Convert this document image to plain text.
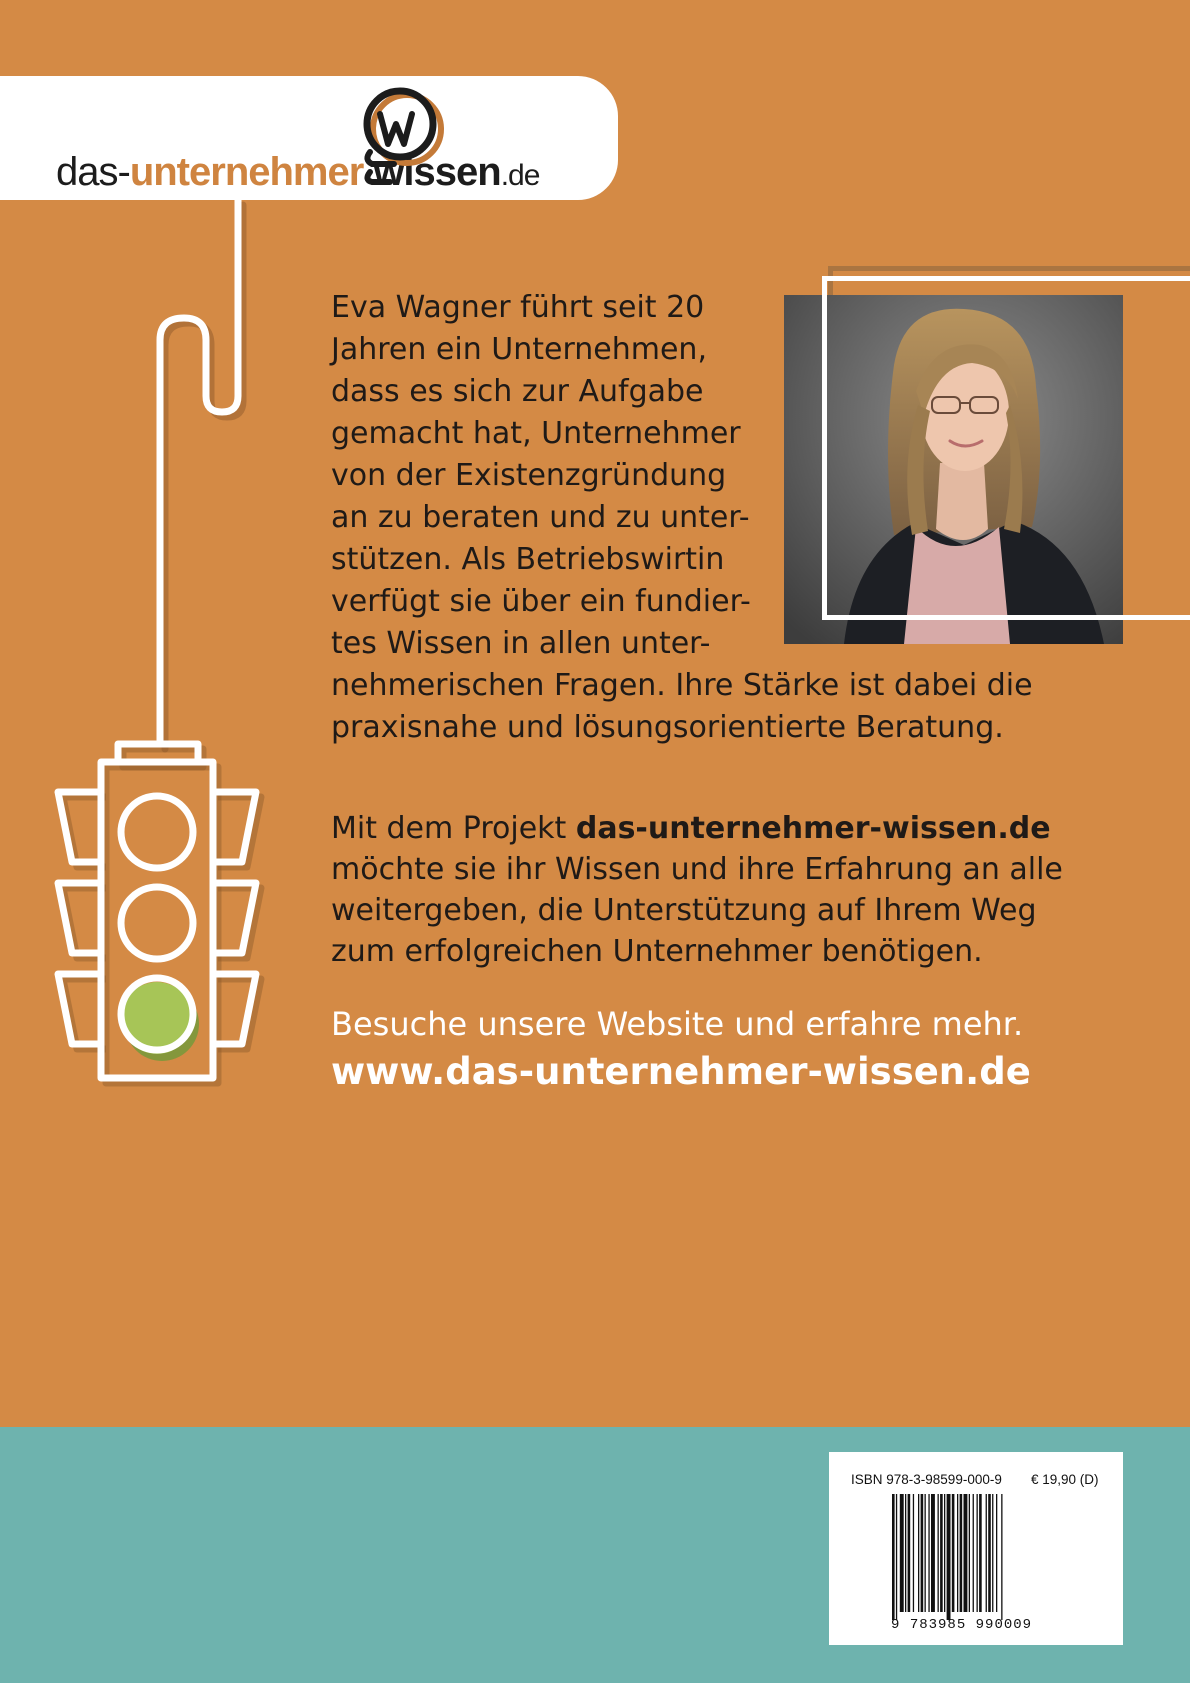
das-unternehmer wissen.de

Eva Wagner führt seit 20
Jahren ein Unternehmen,
dass es sich zur Aufgabe
gemacht hat, Unternehmer
von der Existenzgründung
an zu beraten und zu unter-
stützen. Als Betriebswirtin
verfügt sie über ein fundier-
tes Wissen in allen unter-
nehmerischen Fragen. Ihre Stärke ist dabei die
praxisnahe und lösungsorientierte Beratung.

Mit dem Projekt das-unternehmer-wissen.de
möchte sie ihr Wissen und ihre Erfahrung an alle
weitergeben, die Unterstützung auf Ihrem Weg
zum erfolgreichen Unternehmer benötigen.

Besuche unsere Website und erfahre mehr.

www.das-unternehmer-wissen.de

ISBN 978-3-98599-000-9 € 19,90 (D)
9 783985 990009
